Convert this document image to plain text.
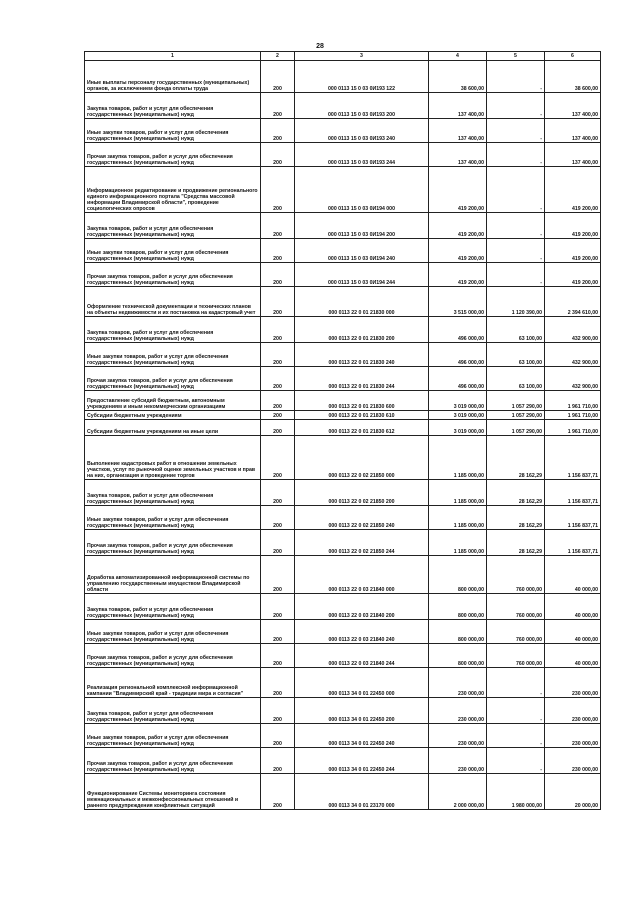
28
1	2	3	4	5	6
Иные выплаты персоналу государственных (муниципальных) органов, за исключением фонда оплаты труда	200	000 0113 15 0 03 0И193 122	38 600,00	-	38 600,00
Закупка товаров, работ и услуг для обеспечения государственных (муниципальных) нужд	200	000 0113 15 0 03 0И193 200	137 400,00	-	137 400,00
Иные закупки товаров, работ и услуг для обеспечения государственных (муниципальных) нужд	200	000 0113 15 0 03 0И193 240	137 400,00	-	137 400,00
Прочая закупка товаров, работ и услуг для обеспечения государственных (муниципальных) нужд	200	000 0113 15 0 03 0И193 244	137 400,00	-	137 400,00
Информационное редактирование и продвижение регионального единого информационного портала "Средства массовой информации Владимирской области", проведение социологических опросов	200	000 0113 15 0 03 0И194 000	419 200,00	-	419 200,00
Закупка товаров, работ и услуг для обеспечения государственных (муниципальных) нужд	200	000 0113 15 0 03 0И194 200	419 200,00	-	419 200,00
Иные закупки товаров, работ и услуг для обеспечения государственных (муниципальных) нужд	200	000 0113 15 0 03 0И194 240	419 200,00	-	419 200,00
Прочая закупка товаров, работ и услуг для обеспечения государственных (муниципальных) нужд	200	000 0113 15 0 03 0И194 244	419 200,00	-	419 200,00
Оформление технической документации и технических планов на объекты недвижимости и их постановка на кадастровый учет	200	000 0113 22 0 01 21830 000	3 515 000,00	1 120 390,00	2 394 610,00
Закупка товаров, работ и услуг для обеспечения государственных (муниципальных) нужд	200	000 0113 22 0 01 21830 200	496 000,00	63 100,00	432 900,00
Иные закупки товаров, работ и услуг для обеспечения государственных (муниципальных) нужд	200	000 0113 22 0 01 21830 240	496 000,00	63 100,00	432 900,00
Прочая закупка товаров, работ и услуг для обеспечения государственных (муниципальных) нужд	200	000 0113 22 0 01 21830 244	496 000,00	63 100,00	432 900,00
Предоставление субсидий бюджетным, автономным учреждениям и иным некоммерческим организациям	200	000 0113 22 0 01 21830 600	3 019 000,00	1 057 290,00	1 961 710,00
Субсидии бюджетным учреждениям	200	000 0113 22 0 01 21830 610	3 019 000,00	1 057 290,00	1 961 710,00
Субсидии бюджетным учреждениям на иные цели	200	000 0113 22 0 01 21830 612	3 019 000,00	1 057 290,00	1 961 710,00
Выполнение кадастровых работ в отношении земельных участков, услуг по рыночной оценке земельных участков и прав на них, организация и проведение торгов	200	000 0113 22 0 02 21850 000	1 185 000,00	28 162,29	1 156 837,71
Закупка товаров, работ и услуг для обеспечения государственных (муниципальных) нужд	200	000 0113 22 0 02 21850 200	1 185 000,00	28 162,29	1 156 837,71
Иные закупки товаров, работ и услуг для обеспечения государственных (муниципальных) нужд	200	000 0113 22 0 02 21850 240	1 185 000,00	28 162,29	1 156 837,71
Прочая закупка товаров, работ и услуг для обеспечения государственных (муниципальных) нужд	200	000 0113 22 0 02 21850 244	1 185 000,00	28 162,29	1 156 837,71
Доработка автоматизированной информационной системы по управлению государственным имуществом Владимирской области	200	000 0113 22 0 03 21840 000	800 000,00	760 000,00	40 000,00
Закупка товаров, работ и услуг для обеспечения государственных (муниципальных) нужд	200	000 0113 22 0 03 21840 200	800 000,00	760 000,00	40 000,00
Иные закупки товаров, работ и услуг для обеспечения государственных (муниципальных) нужд	200	000 0113 22 0 03 21840 240	800 000,00	760 000,00	40 000,00
Прочая закупка товаров, работ и услуг для обеспечения государственных (муниципальных) нужд	200	000 0113 22 0 03 21840 244	800 000,00	760 000,00	40 000,00
Реализация региональной комплексной информационной кампании "Владимирский край - традиции мира и согласия"	200	000 0113 34 0 01 22450 000	230 000,00	-	230 000,00
Закупка товаров, работ и услуг для обеспечения государственных (муниципальных) нужд	200	000 0113 34 0 01 22450 200	230 000,00	-	230 000,00
Иные закупки товаров, работ и услуг для обеспечения государственных (муниципальных) нужд	200	000 0113 34 0 01 22450 240	230 000,00	-	230 000,00
Прочая закупка товаров, работ и услуг для обеспечения государственных (муниципальных) нужд	200	000 0113 34 0 01 22450 244	230 000,00	-	230 000,00
Функционирование Системы мониторинга состояния межнациональных и межконфессиональных отношений и раннего предупреждения конфликтных ситуаций	200	000 0113 34 0 01 23170 000	2 000 000,00	1 980 000,00	20 000,00
